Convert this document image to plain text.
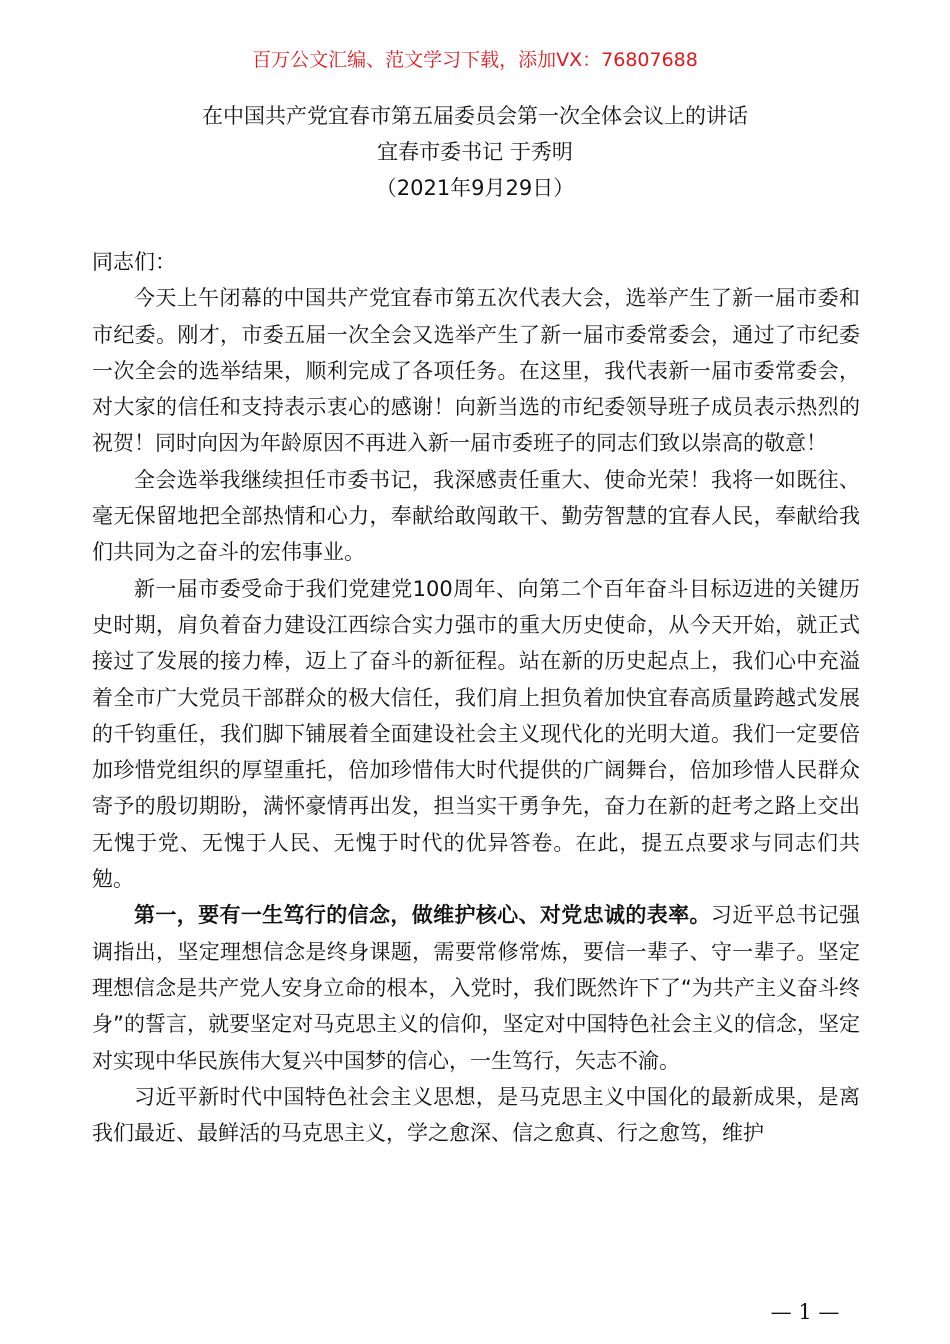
百万公文汇编、范文学习下载，添加VX：76807688
在中国共产党宜春市第五届委员会第一次全体会议上的讲话
宜春市委书记 于秀明
（2021年9月29日）

同志们：

今天上午闭幕的中国共产党宜春市第五次代表大会，选举产生了新一届市委和市纪委。刚才，市委五届一次全会又选举产生了新一届市委常委会，通过了市纪委一次全会的选举结果，顺利完成了各项任务。在这里，我代表新一届市委常委会，对大家的信任和支持表示衷心的感谢！向新当选的市纪委领导班子成员表示热烈的祝贺！同时向因为年龄原因不再进入新一届市委班子的同志们致以崇高的敬意！

全会选举我继续担任市委书记，我深感责任重大、使命光荣！我将一如既往、毫无保留地把全部热情和心力，奉献给敢闯敢干、勤劳智慧的宜春人民，奉献给我们共同为之奋斗的宏伟事业。

新一届市委受命于我们党建党100周年、向第二个百年奋斗目标迈进的关键历史时期，肩负着奋力建设江西综合实力强市的重大历史使命，从今天开始，就正式接过了发展的接力棒，迈上了奋斗的新征程。站在新的历史起点上，我们心中充溢着全市广大党员干部群众的极大信任，我们肩上担负着加快宜春高质量跨越式发展的千钧重任，我们脚下铺展着全面建设社会主义现代化的光明大道。我们一定要倍加珍惜党组织的厚望重托，倍加珍惜伟大时代提供的广阔舞台，倍加珍惜人民群众寄予的殷切期盼，满怀豪情再出发，担当实干勇争先，奋力在新的赶考之路上交出无愧于党、无愧于人民、无愧于时代的优异答卷。在此，提五点要求与同志们共勉。

第一，要有一生笃行的信念，做维护核心、对党忠诚的表率。习近平总书记强调指出，坚定理想信念是终身课题，需要常修常炼，要信一辈子、守一辈子。坚定理想信念是共产党人安身立命的根本，入党时，我们既然许下了“为共产主义奋斗终身”的誓言，就要坚定对马克思主义的信仰，坚定对中国特色社会主义的信念，坚定对实现中华民族伟大复兴中国梦的信心，一生笃行，矢志不渝。

习近平新时代中国特色社会主义思想，是马克思主义中国化的最新成果，是离我们最近、最鲜活的马克思主义，学之愈深、信之愈真、行之愈笃，维护

— 1 —
